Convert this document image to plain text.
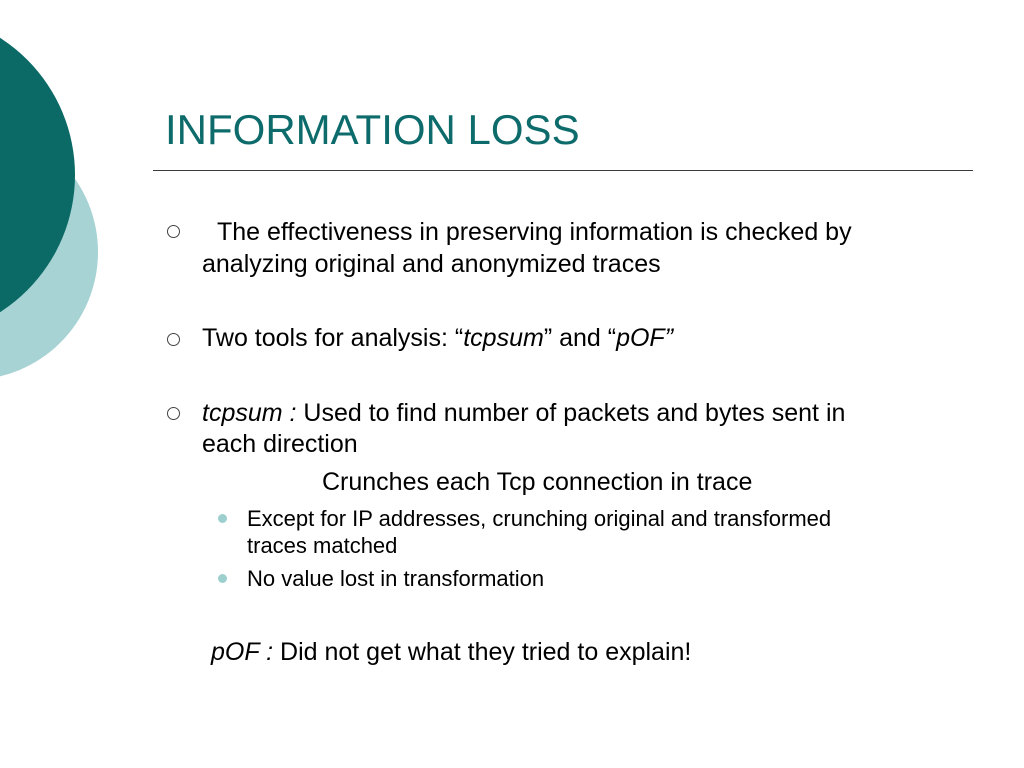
INFORMATION LOSS
The effectiveness in preserving information is checked by
analyzing original and anonymized traces
Two tools for analysis: “tcpsum” and “pOF”
tcpsum : Used to find number of packets and bytes sent in
each direction
Crunches each Tcp connection in trace
Except for IP addresses, crunching original and transformed
traces matched
No value lost in transformation
pOF : Did not get what they tried to explain!
